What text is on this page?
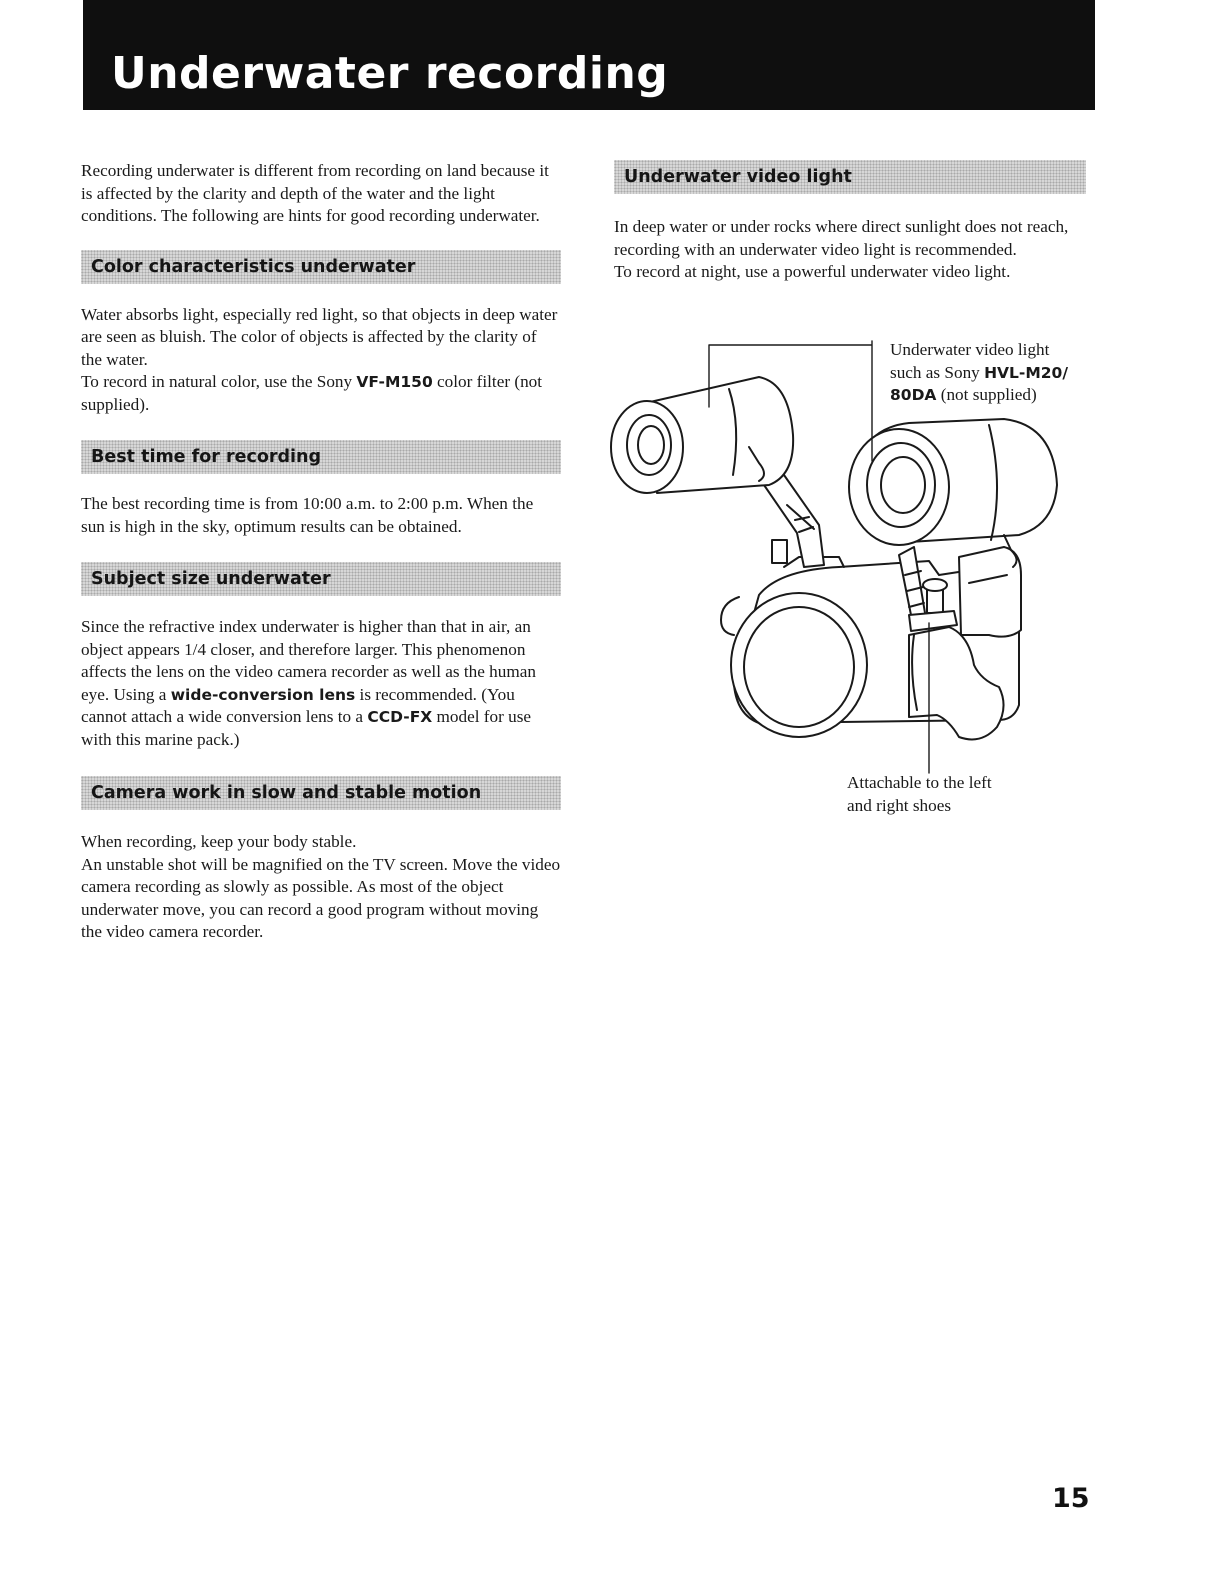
Underwater recording

Recording underwater is different from recording on land because it is affected by the clarity and depth of the water and the light conditions. The following are hints for good recording underwater.

Color characteristics underwater

Water absorbs light, especially red light, so that objects in deep water are seen as bluish. The color of objects is affected by the clarity of the water.
To record in natural color, use the Sony VF-M150 color filter (not supplied).

Best time for recording

The best recording time is from 10:00 a.m. to 2:00 p.m. When the sun is high in the sky, optimum results can be obtained.

Subject size underwater

Since the refractive index underwater is higher than that in air, an object appears 1/4 closer, and therefore larger. This phenomenon affects the lens on the video camera recorder as well as the human eye. Using a wide-conversion lens is recommended. (You cannot attach a wide conversion lens to a CCD-FX model for use with this marine pack.)

Camera work in slow and stable motion

When recording, keep your body stable.
An unstable shot will be magnified on the TV screen. Move the video camera recording as slowly as possible. As most of the object underwater move, you can record a good program without moving the video camera recorder.

Underwater video light

In deep water or under rocks where direct sunlight does not reach, recording with an underwater video light is recommended.
To record at night, use a powerful underwater video light.

Underwater video light
such as Sony HVL-M20/
80DA (not supplied)
Attachable to the left
and right shoes
15
